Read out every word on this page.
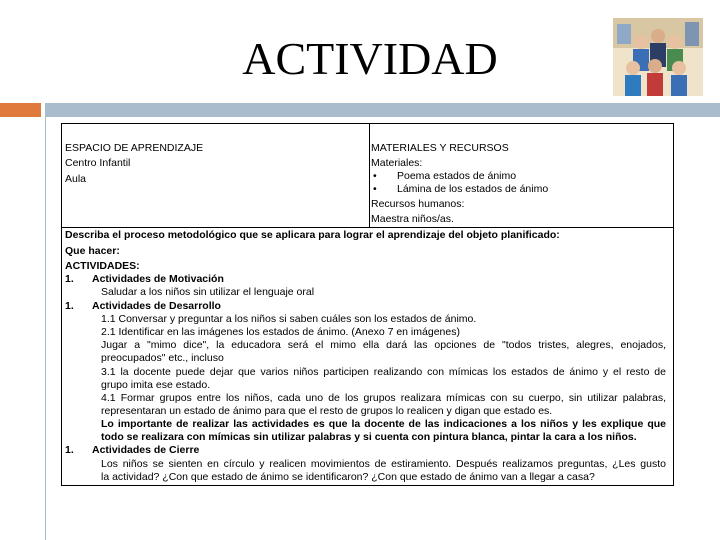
ACTIVIDAD
ESPACIO DE APRENDIZAJE
Centro Infantil
Aula
MATERIALES Y RECURSOS
Materiales:
• Poema estados de ánimo
• Lámina de los estados de ánimo
Recursos humanos:
Maestra niños/as.
Describa el proceso metodológico que se aplicara para lograr el aprendizaje del objeto planificado:
Que hacer:
ACTIVIDADES:
1. Actividades de Motivación
Saludar a los niños sin utilizar el lenguaje oral
1. Actividades de Desarrollo
1.1 Conversar y preguntar a los niños si saben cuáles son los estados de ánimo.
2.1 Identificar en las imágenes los estados de ánimo. (Anexo 7 en imágenes)
Jugar a "mimo dice", la educadora será el mimo ella dará las opciones de "todos tristes, alegres, enojados,
preocupados" etc., incluso
3.1 la docente puede dejar que varios niños participen realizando con mímicas los estados de ánimo y el resto de
grupo imita ese estado.
4.1 Formar grupos entre los niños, cada uno de los grupos realizara mímicas con su cuerpo, sin utilizar palabras,
representaran un estado de ánimo para que el resto de grupos lo realicen y digan que estado es.
Lo importante de realizar las actividades es que la docente de las indicaciones a los niños y les explique que
todo se realizara con mímicas sin utilizar palabras y si cuenta con pintura blanca, pintar la cara a los niños.
1. Actividades de Cierre
Los niños se sienten en círculo y realicen movimientos de estiramiento. Después realizamos preguntas, ¿Les gusto
la actividad? ¿Con que estado de ánimo se identificaron? ¿Con que estado de ánimo van a llegar a casa?
